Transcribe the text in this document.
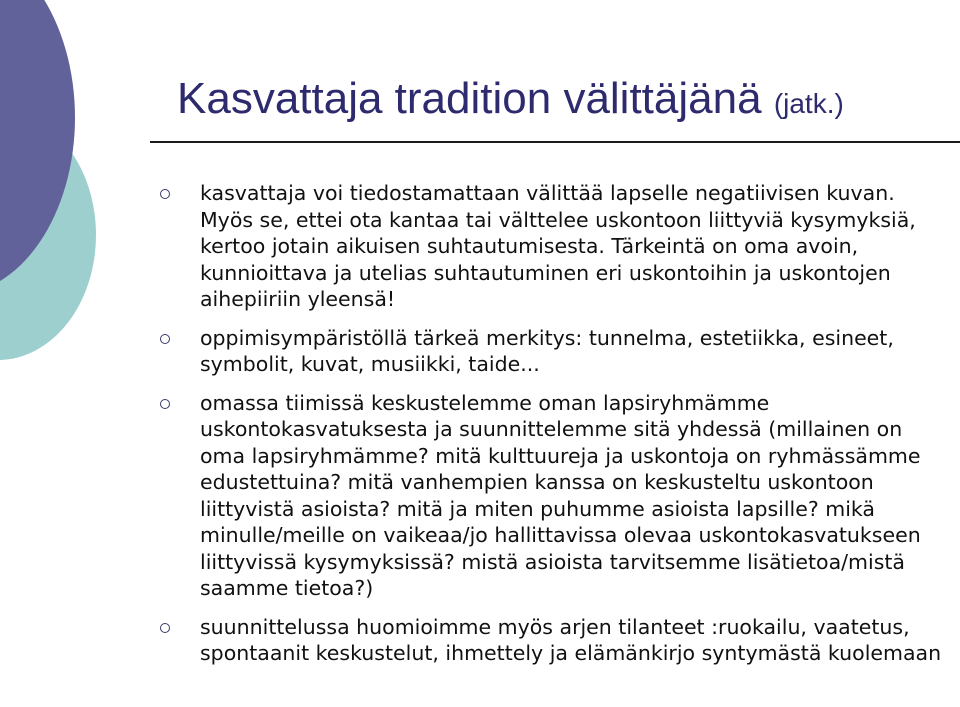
Kasvattaja tradition välittäjänä (jatk.)
kasvattaja voi tiedostamattaan välittää lapselle negatiivisen kuvan. Myös se, ettei ota kantaa tai välttelee uskontoon liittyviä kysymyksiä, kertoo jotain aikuisen suhtautumisesta. Tärkeintä on oma avoin, kunnioittava ja utelias suhtautuminen eri uskontoihin ja uskontojen aihepiiriin yleensä!
oppimisympäristöllä tärkeä merkitys: tunnelma, estetiikka, esineet, symbolit, kuvat, musiikki, taide...
omassa tiimissä keskustelemme oman lapsiryhmämme uskontokasvatuksesta ja suunnittelemme sitä yhdessä (millainen on oma lapsiryhmämme? mitä kulttuureja ja uskontoja on ryhmässämme edustettuina? mitä vanhempien kanssa on keskusteltu uskontoon liittyvistä asioista? mitä ja miten puhumme asioista lapsille? mikä minulle/meille on vaikeaa/jo hallittavissa olevaa uskontokasvatukseen liittyvissä kysymyksissä? mistä asioista tarvitsemme lisätietoa/mistä saamme tietoa?)
suunnittelussa huomioimme myös arjen tilanteet :ruokailu, vaatetus, spontaanit keskustelut, ihmettely ja elämänkirjo syntymästä kuolemaan
